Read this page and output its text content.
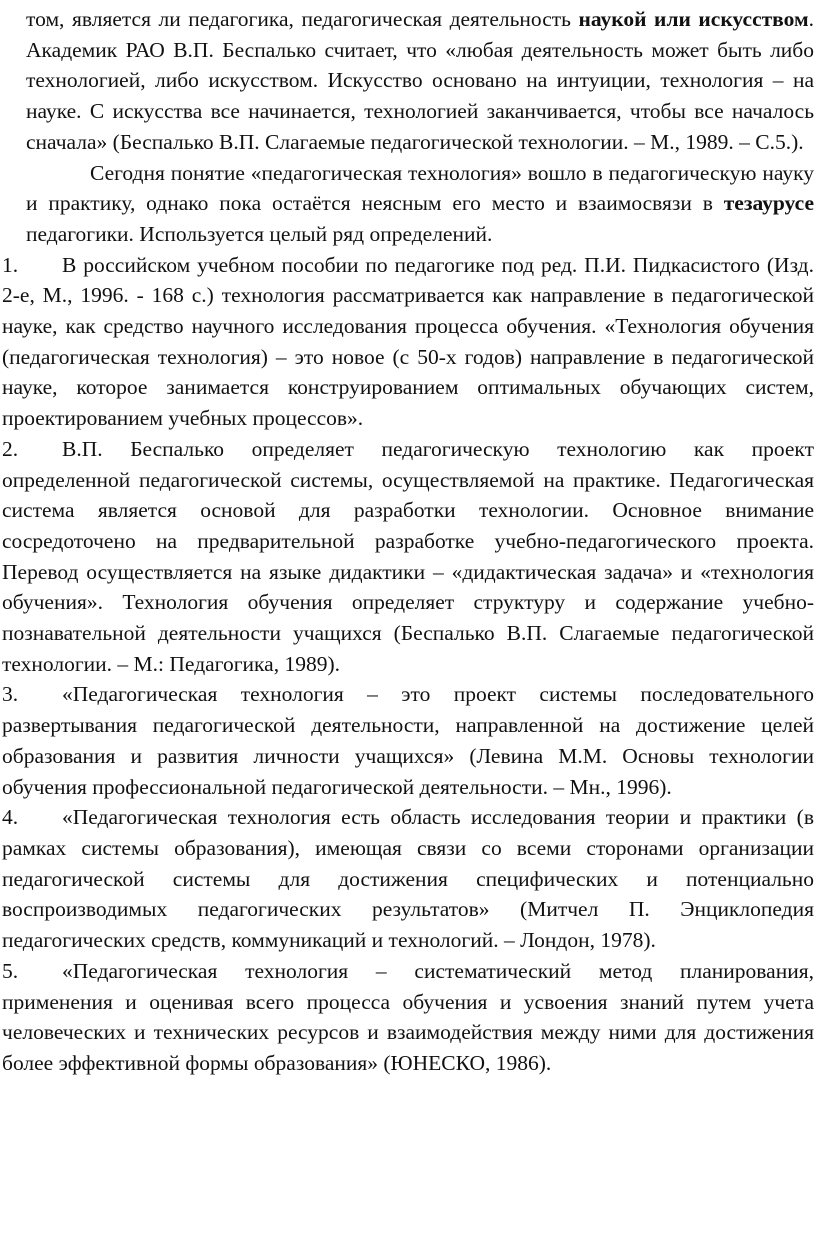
том, является ли педагогика, педагогическая деятельность наукой или искусством. Академик РАО В.П. Беспалько считает, что «любая деятельность может быть либо технологией, либо искусством. Искусство основано на интуиции, технология – на науке. С искусства все начинается, технологией заканчивается, чтобы все началось сначала» (Беспалько В.П. Слагаемые педагогической технологии. – М., 1989. – С.5.).

Сегодня понятие «педагогическая технология» вошло в педагогическую науку и практику, однако пока остаётся неясным его место и взаимосвязи в тезаурусе педагогики. Используется целый ряд определений.

1. В российском учебном пособии по педагогике под ред. П.И. Пидкасистого (Изд. 2-е, М., 1996. - 168 с.) технология рассматривается как направление в педагогической науке, как средство научного исследования процесса обучения. «Технология обучения (педагогическая технология) – это новое (с 50-х годов) направление в педагогической науке, которое занимается конструированием оптимальных обучающих систем, проектированием учебных процессов».

2. В.П. Беспалько определяет педагогическую технологию как проект определенной педагогической системы, осуществляемой на практике. Педагогическая система является основой для разработки технологии. Основное внимание сосредоточено на предварительной разработке учебно-педагогического проекта. Перевод осуществляется на языке дидактики – «дидактическая задача» и «технология обучения». Технология обучения определяет структуру и содержание учебно-познавательной деятельности учащихся (Беспалько В.П. Слагаемые педагогической технологии. – М.: Педагогика, 1989).

3. «Педагогическая технология – это проект системы последовательного развертывания педагогической деятельности, направленной на достижение целей образования и развития личности учащихся» (Левина М.М. Основы технологии обучения профессиональной педагогической деятельности. – Мн., 1996).

4. «Педагогическая технология есть область исследования теории и практики (в рамках системы образования), имеющая связи со всеми сторонами организации педагогической системы для достижения специфических и потенциально воспроизводимых педагогических результатов» (Митчел П. Энциклопедия педагогических средств, коммуникаций и технологий. – Лондон, 1978).

5. «Педагогическая технология – систематический метод планирования, применения и оценивая всего процесса обучения и усвоения знаний путем учета человеческих и технических ресурсов и взаимодействия между ними для достижения более эффективной формы образования» (ЮНЕСКО, 1986).
